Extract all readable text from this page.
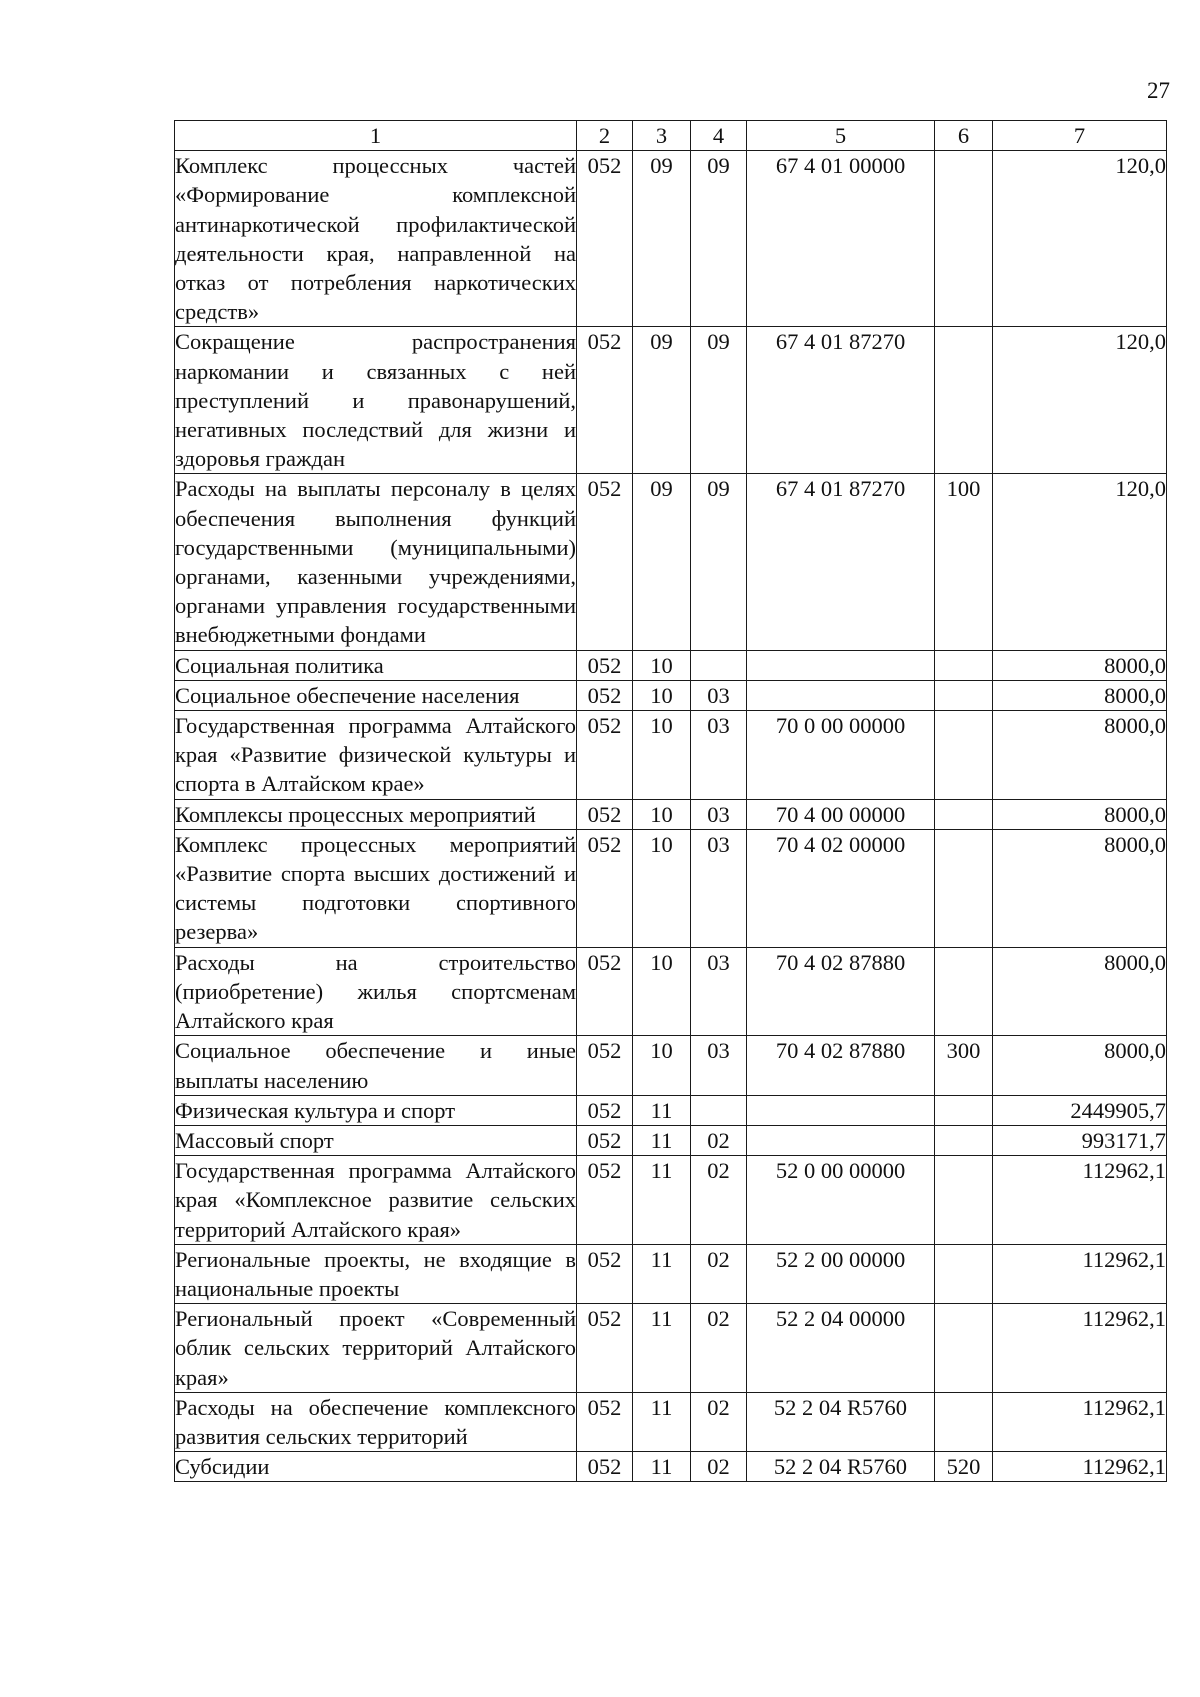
27
1	2	3	4	5	6	7
Комплекс процессных частей «Формирование комплексной антинаркотической профилактической деятельности края, направленной на отказ от потребления наркотических средств»	052	09	09	67 4 01 00000		120,0
Сокращение распространения наркомании и связанных с ней преступлений и правонарушений, негативных последствий для жизни и здоровья граждан	052	09	09	67 4 01 87270		120,0
Расходы на выплаты персоналу в целях обеспечения выполнения функций государственными (муниципальными) органами, казенными учреждениями, органами управления государственными внебюджетными фондами	052	09	09	67 4 01 87270	100	120,0
Социальная политика	052	10				8000,0
Социальное обеспечение населения	052	10	03			8000,0
Государственная программа Алтайского края «Развитие физической культуры и спорта в Алтайском крае»	052	10	03	70 0 00 00000		8000,0
Комплексы процессных мероприятий	052	10	03	70 4 00 00000		8000,0
Комплекс процессных мероприятий «Развитие спорта высших достижений и системы подготовки спортивного резерва»	052	10	03	70 4 02 00000		8000,0
Расходы на строительство (приобретение) жилья спортсменам Алтайского края	052	10	03	70 4 02 87880		8000,0
Социальное обеспечение и иные выплаты населению	052	10	03	70 4 02 87880	300	8000,0
Физическая культура и спорт	052	11				2449905,7
Массовый спорт	052	11	02			993171,7
Государственная программа Алтайского края «Комплексное развитие сельских территорий Алтайского края»	052	11	02	52 0 00 00000		112962,1
Региональные проекты, не входящие в национальные проекты	052	11	02	52 2 00 00000		112962,1
Региональный проект «Современный облик сельских территорий Алтайского края»	052	11	02	52 2 04 00000		112962,1
Расходы на обеспечение комплексного развития сельских территорий	052	11	02	52 2 04 R5760		112962,1
Субсидии	052	11	02	52 2 04 R5760	520	112962,1
